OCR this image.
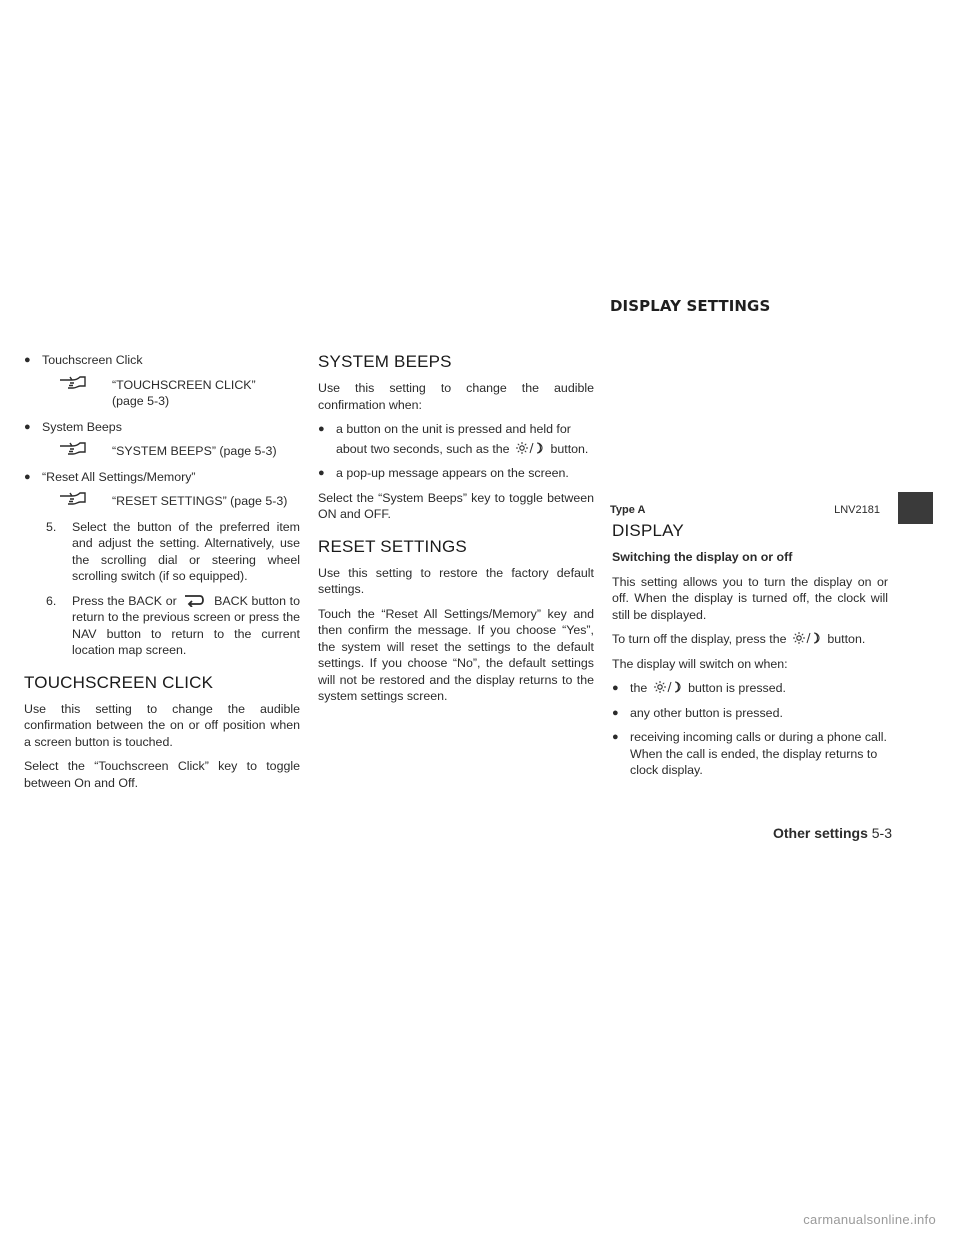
DISPLAY SETTINGS
Type A	LNV2181
● Touchscreen Click
“TOUCHSCREEN CLICK”
(page 5-3)
● System Beeps
“SYSTEM BEEPS” (page 5-3)
● “Reset All Settings/Memory”
“RESET SETTINGS” (page 5-3)
5. Select the button of the preferred item and adjust the setting. Alternatively, use the scrolling dial or steering wheel scrolling switch (if so equipped).
6. Press the BACK or	BACK button to return to the previous screen or press the NAV button to return to the current location map screen.
TOUCHSCREEN CLICK

Use this setting to change the audible confirmation between the on or off position when a screen button is touched.

Select the “Touchscreen Click” key to toggle between On and Off.

SYSTEM BEEPS

Use this setting to change the audible confirmation when:

● a button on the unit is pressed and held for
about two seconds, such as the	button.
● a pop-up message appears on the screen.

Select the “System Beeps” key to toggle between ON and OFF.

RESET SETTINGS

Use this setting to restore the factory default settings.

Touch the “Reset All Settings/Memory” key and then confirm the message. If you choose “Yes”, the system will reset the settings to the default settings. If you choose “No”, the default settings will not be restored and the display returns to the system settings screen.

DISPLAY

Switching the display on or off

This setting allows you to turn the display on or off. When the display is turned off, the clock will still be displayed.

To turn off the display, press the	button.

The display will switch on when:

● the	button is pressed.
● any other button is pressed.
● receiving incoming calls or during a phone call. When the call is ended, the display returns to clock display.
Other settings 5-3
carmanualsonline.info
